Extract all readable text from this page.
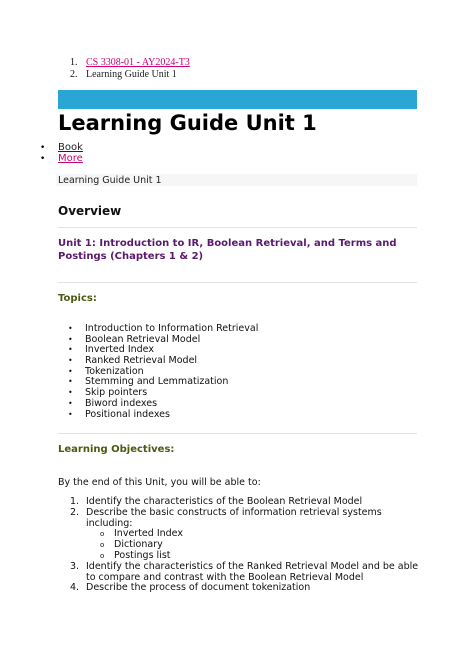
1. CS 3308-01 - AY2024-T3
2. Learning Guide Unit 1
Learning Guide Unit 1
• Book
• More
Learning Guide Unit 1
Overview
Unit 1: Introduction to IR, Boolean Retrieval, and Terms and Postings (Chapters 1 & 2)
Topics:
• Introduction to Information Retrieval
• Boolean Retrieval Model
• Inverted Index
• Ranked Retrieval Model
• Tokenization
• Stemming and Lemmatization
• Skip pointers
• Biword indexes
• Positional indexes
Learning Objectives:
By the end of this Unit, you will be able to:
1. Identify the characteristics of the Boolean Retrieval Model
2. Describe the basic constructs of information retrieval systems including:
o Inverted Index
o Dictionary
o Postings list
3. Identify the characteristics of the Ranked Retrieval Model and be able to compare and contrast with the Boolean Retrieval Model
4. Describe the process of document tokenization
